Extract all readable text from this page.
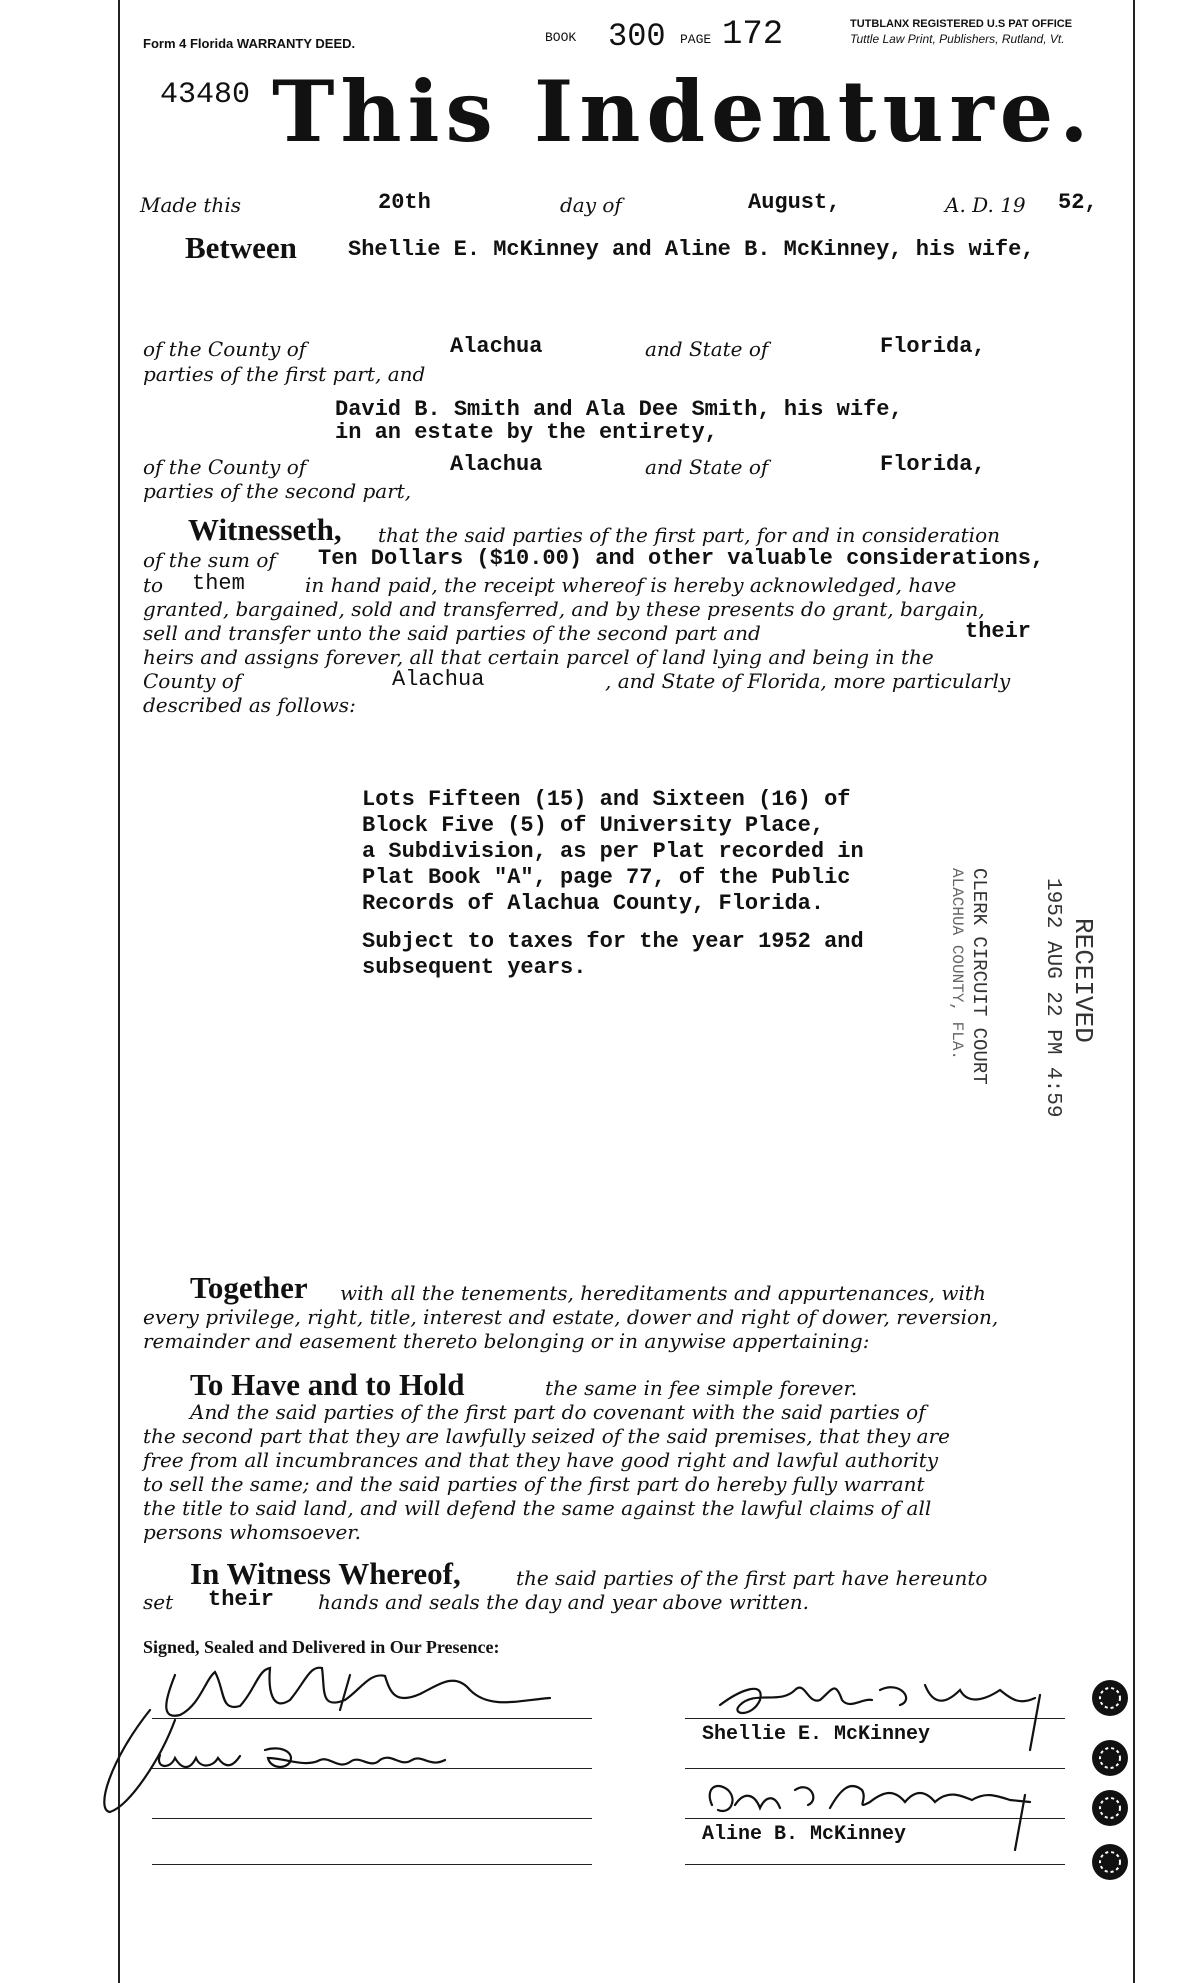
Form 4 Florida WARRANTY DEED.	BOOK 300 PAGE 172	TUTBLANX REGISTERED U.S PAT OFFICE
Tuttle Law Print, Publishers, Rutland, Vt.
43480 This Indenture.
Made this	20th	day of	August,	A. D. 19 52,
Between Shellie E. McKinney and Aline B. McKinney, his wife,
of the County of	Alachua	and State of	Florida,
parties of the first part, and
David B. Smith and Ala Dee Smith, his wife,
in an estate by the entirety,
of the County of	Alachua	and State of	Florida,
parties of the second part,
Witnesseth, that the said parties of the first part, for and in consideration
of the sum of Ten Dollars ($10.00) and other valuable considerations,
to them	in hand paid, the receipt whereof is hereby acknowledged, have
granted, bargained, sold and transferred, and by these presents do grant, bargain,
sell and transfer unto the said parties of the second part and	their
heirs and assigns forever, all that certain parcel of land lying and being in the
County of	Alachua	, and State of Florida, more particularly
described as follows:
Lots Fifteen (15) and Sixteen (16) of
Block Five (5) of University Place,
a Subdivision, as per Plat recorded in
Plat Book "A", page 77, of the Public
Records of Alachua County, Florida.
Subject to taxes for the year 1952 and
subsequent years.	RECEIVED
1952 AUG 22 PM 4:59
CLERK CIRCUIT COURT
ALACHUA COUNTY, FLA.
Together with all the tenements, hereditaments and appurtenances, with
every privilege, right, title, interest and estate, dower and right of dower, reversion,
remainder and easement thereto belonging or in anywise appertaining:
To Have and to Hold	the same in fee simple forever.
And the said parties of the first part do covenant with the said parties of
the second part that they are lawfully seized of the said premises, that they are
free from all incumbrances and that they have good right and lawful authority
to sell the same; and the said parties of the first part do hereby fully warrant
the title to said land, and will defend the same against the lawful claims of all
persons whomsoever.
In Witness Whereof,	the said parties of the first part have hereunto
set their hands and seals the day and year above written.
Signed, Sealed and Delivered in Our Presence:
Shellie E. McKinney
Aline B. McKinney
